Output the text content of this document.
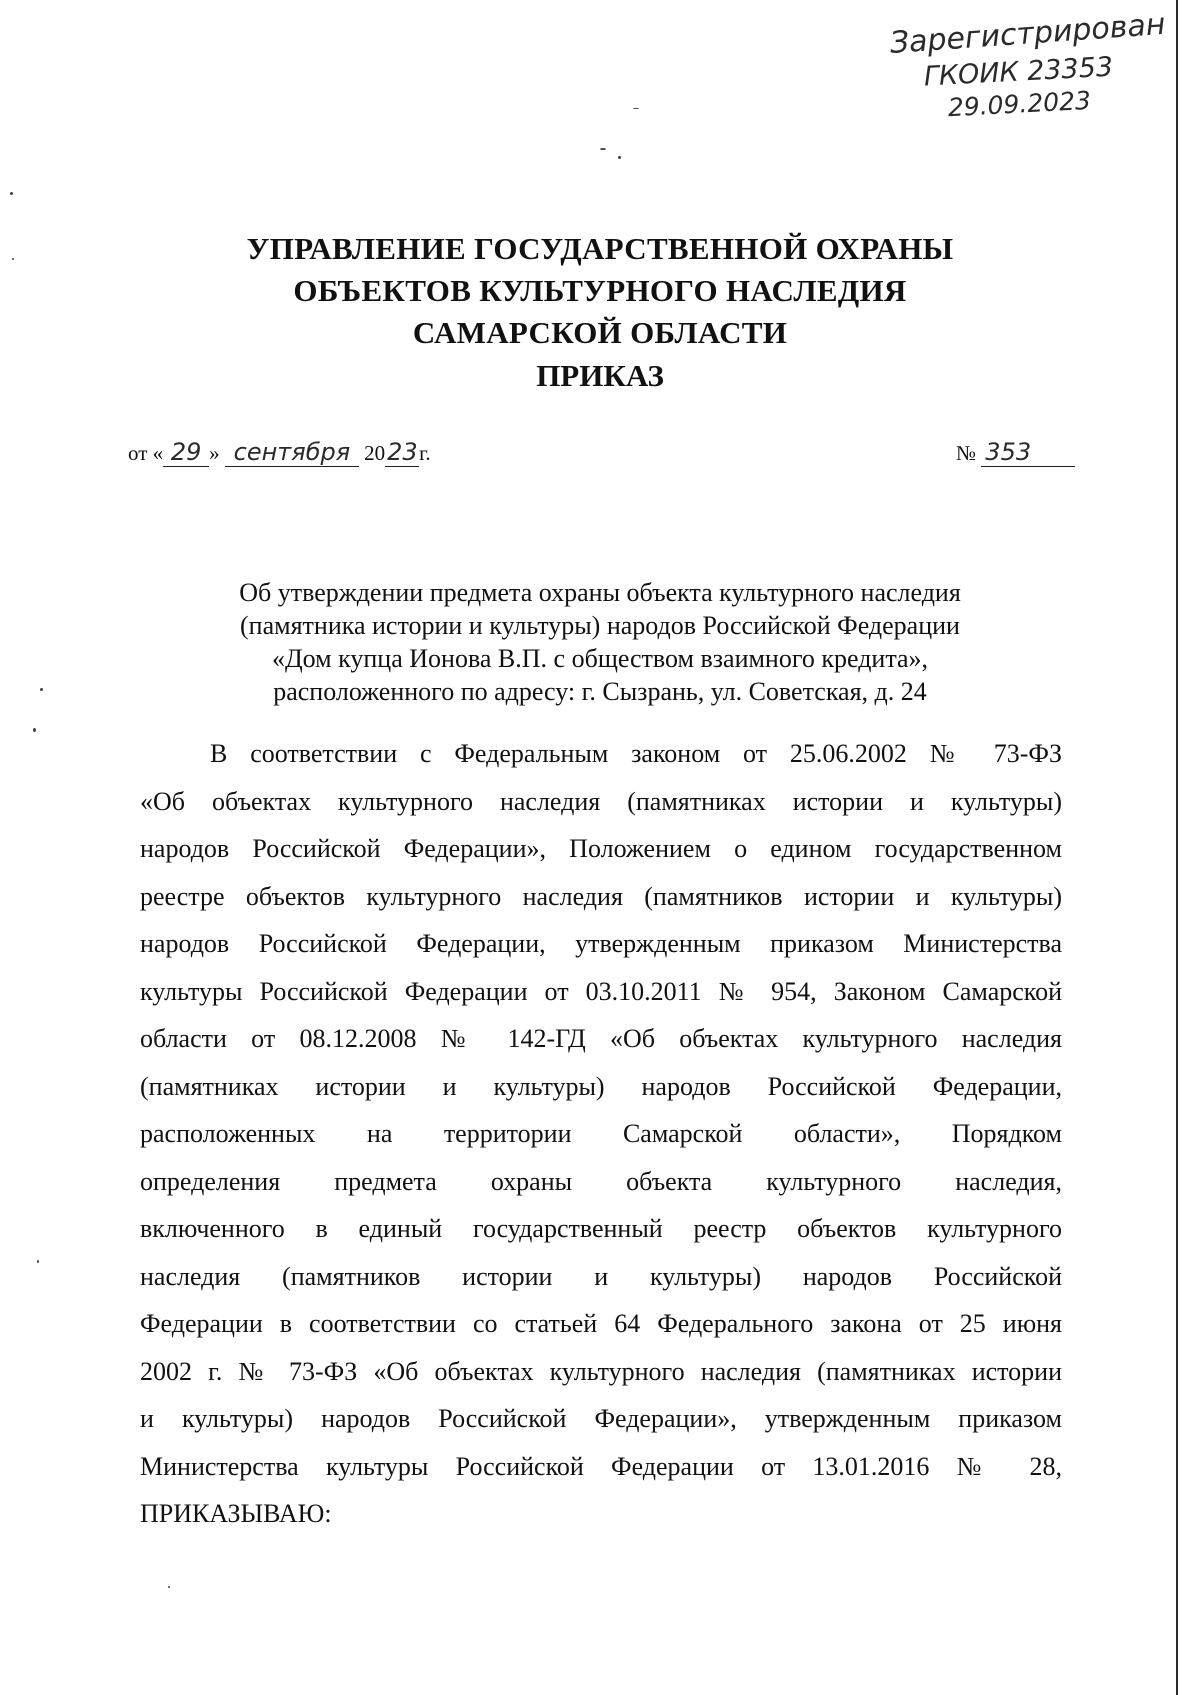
Зарегистрирован
ГКОИК 23353
29.09.2023
УПРАВЛЕНИЕ ГОСУДАРСТВЕННОЙ ОХРАНЫ
ОБЪЕКТОВ КУЛЬТУРНОГО НАСЛЕДИЯ
САМАРСКОЙ ОБЛАСТИ
ПРИКАЗ
от « 29 » сентября 2023г.	№ 353
Об утверждении предмета охраны объекта культурного наследия
(памятника истории и культуры) народов Российской Федерации
«Дом купца Ионова В.П. с обществом взаимного кредита»,
расположенного по адресу: г. Сызрань, ул. Советская, д. 24
В соответствии с Федеральным законом от 25.06.2002 № 73-ФЗ
«Об объектах культурного наследия (памятниках истории и культуры)
народов Российской Федерации», Положением о едином государственном
реестре объектов культурного наследия (памятников истории и культуры)
народов Российской Федерации, утвержденным приказом Министерства
культуры Российской Федерации от 03.10.2011 № 954, Законом Самарской
области от 08.12.2008 № 142-ГД «Об объектах культурного наследия
(памятниках истории и культуры) народов Российской Федерации,
расположенных на территории Самарской области», Порядком
определения предмета охраны объекта культурного наследия,
включенного в единый государственный реестр объектов культурного
наследия (памятников истории и культуры) народов Российской
Федерации в соответствии со статьей 64 Федерального закона от 25 июня
2002 г. № 73-ФЗ «Об объектах культурного наследия (памятниках истории
и культуры) народов Российской Федерации», утвержденным приказом
Министерства культуры Российской Федерации от 13.01.2016 № 28,
ПРИКАЗЫВАЮ:
